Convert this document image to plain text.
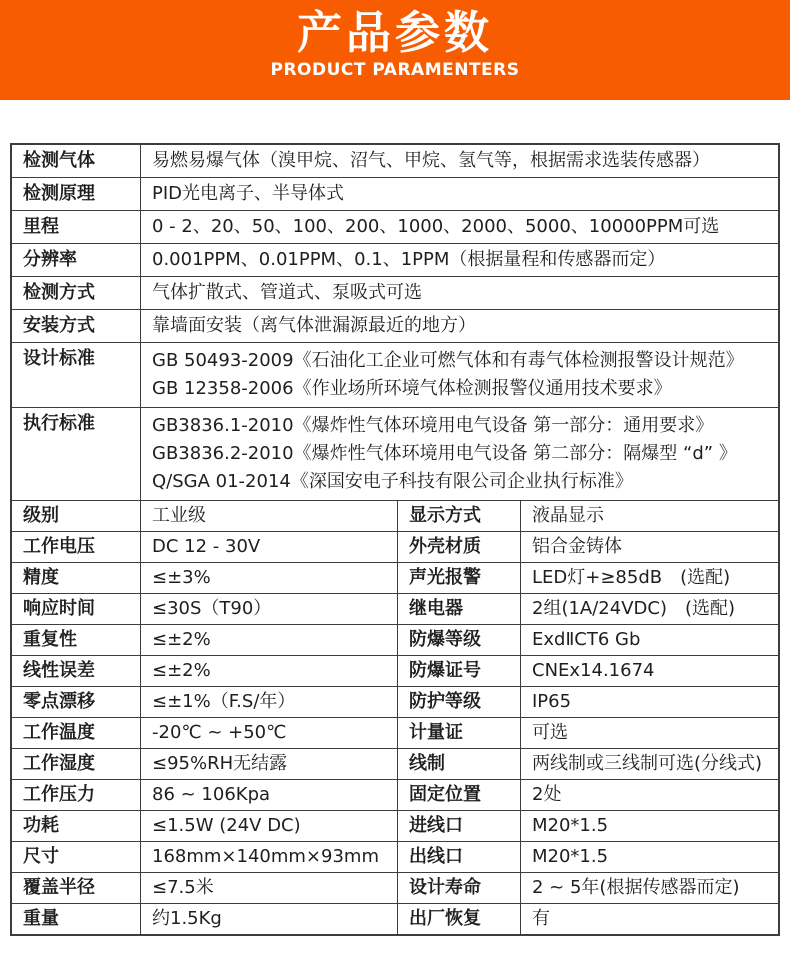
产品参数
PRODUCT PARAMENTERS
检测气体	易燃易爆气体（溴甲烷、沼气、甲烷、氢气等，根据需求选装传感器）
检测原理	PID光电离子、半导体式
里程	0 - 2、20、50、100、200、1000、2000、5000、10000PPM可选
分辨率	0.001PPM、0.01PPM、0.1、1PPM（根据量程和传感器而定）
检测方式	气体扩散式、管道式、泵吸式可选
安装方式	靠墙面安装（离气体泄漏源最近的地方）
设计标准	GB 50493-2009《石油化工企业可燃气体和有毒气体检测报警设计规范》
GB 12358-2006《作业场所环境气体检测报警仪通用技术要求》
执行标准	GB3836.1-2010《爆炸性气体环境用电气设备 第一部分：通用要求》
GB3836.2-2010《爆炸性气体环境用电气设备 第二部分：隔爆型 “d” 》
Q/SGA 01-2014《深国安电子科技有限公司企业执行标准》
级别	工业级	显示方式	液晶显示
工作电压	DC 12 - 30V	外壳材质	铝合金铸体
精度	≤±3%	声光报警	LED灯+≥85dB　(选配)
响应时间	≤30S（T90）	继电器	2组(1A/24VDC)　(选配)
重复性	≤±2%	防爆等级	ExdⅡCT6 Gb
线性误差	≤±2%	防爆证号	CNEx14.1674
零点漂移	≤±1%（F.S/年）	防护等级	IP65
工作温度	-20℃ ~ +50℃	计量证	可选
工作湿度	≤95%RH无结露	线制	两线制或三线制可选(分线式)
工作压力	86 ~ 106Kpa	固定位置	2处
功耗	≤1.5W (24V DC)	进线口	M20*1.5
尺寸	168mm×140mm×93mm	出线口	M20*1.5
覆盖半径	≤7.5米	设计寿命	2 ~ 5年(根据传感器而定)
重量	约1.5Kg	出厂恢复	有
